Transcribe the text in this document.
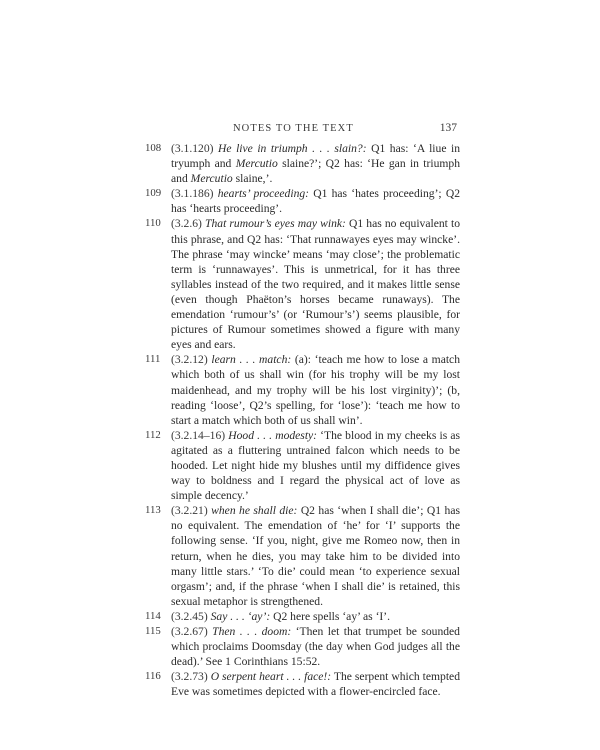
NOTES TO THE TEXT	137

108 (3.1.120) He live in triumph . . . slain?: Q1 has: ‘A liue in tryumph and Mercutio slaine?’; Q2 has: ‘He gan in triumph and Mercutio slaine,’.

109 (3.1.186) hearts’ proceeding: Q1 has ‘hates proceeding’; Q2 has ‘hearts proceeding’.

110 (3.2.6) That rumour’s eyes may wink: Q1 has no equivalent to this phrase, and Q2 has: ‘That runnawayes eyes may wincke’. The phrase ‘may wincke’ means ‘may close’; the problematic term is ‘runnawayes’. This is unmetrical, for it has three syllables instead of the two required, and it makes little sense (even though Phaëton’s horses became runaways). The emendation ‘rumour’s’ (or ‘Rumour’s’) seems plausible, for pictures of Rumour sometimes showed a figure with many eyes and ears.

111 (3.2.12) learn . . . match: (a): ‘teach me how to lose a match which both of us shall win (for his trophy will be my lost maidenhead, and my trophy will be his lost virginity)’; (b, reading ‘loose’, Q2’s spelling, for ‘lose’): ‘teach me how to start a match which both of us shall win’.

112 (3.2.14–16) Hood . . . modesty: ‘The blood in my cheeks is as agitated as a fluttering untrained falcon which needs to be hooded. Let night hide my blushes until my diffidence gives way to boldness and I regard the physical act of love as simple decency.’

113 (3.2.21) when he shall die: Q2 has ‘when I shall die’; Q1 has no equivalent. The emendation of ‘he’ for ‘I’ supports the following sense. ‘If you, night, give me Romeo now, then in return, when he dies, you may take him to be divided into many little stars.’ ‘To die’ could mean ‘to experience sexual orgasm’; and, if the phrase ‘when I shall die’ is retained, this sexual metaphor is strengthened.

114 (3.2.45) Say . . . ‘ay’: Q2 here spells ‘ay’ as ‘I’.

115 (3.2.67) Then . . . doom: ‘Then let that trumpet be sounded which proclaims Doomsday (the day when God judges all the dead).’ See 1 Corinthians 15:52.

116 (3.2.73) O serpent heart . . . face!: The serpent which tempted Eve was sometimes depicted with a flower-encircled face.
